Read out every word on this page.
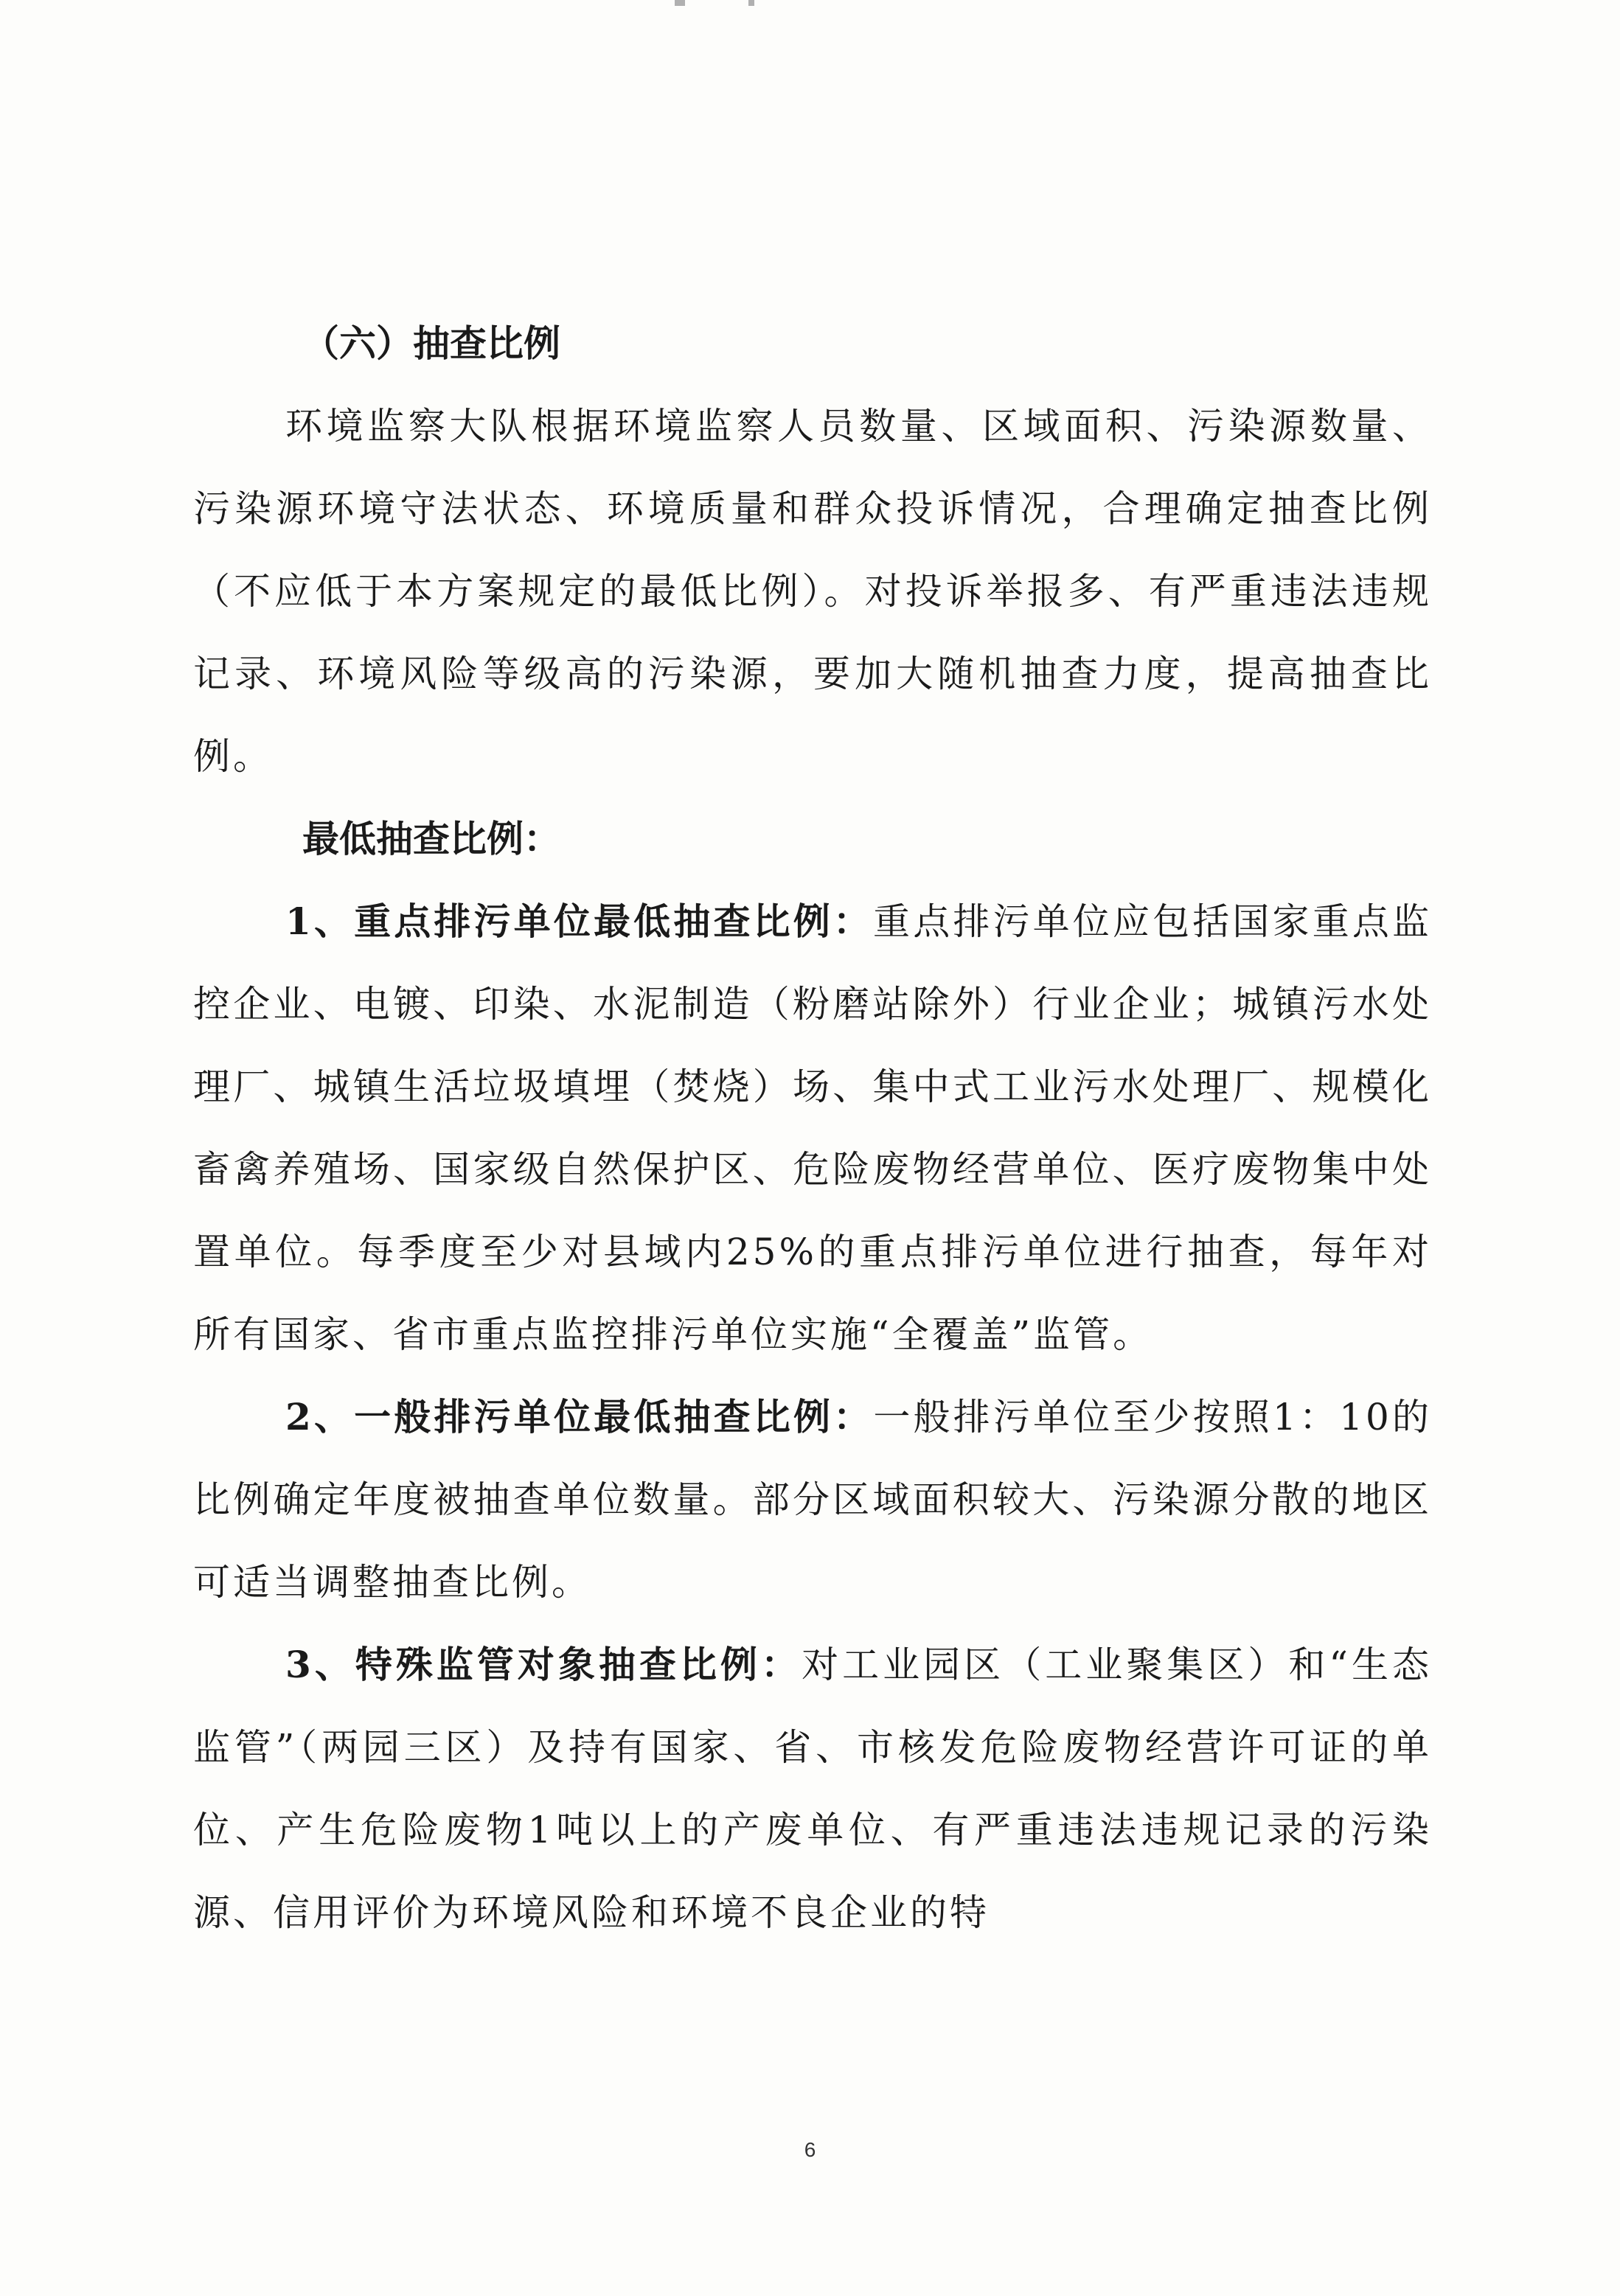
（六）抽查比例

环境监察大队根据环境监察人员数量、区域面积、污染源数量、污染源环境守法状态、环境质量和群众投诉情况，合理确定抽查比例（不应低于本方案规定的最低比例）。对投诉举报多、有严重违法违规记录、环境风险等级高的污染源，要加大随机抽查力度，提高抽查比例。

最低抽查比例：

1、重点排污单位最低抽查比例：重点排污单位应包括国家重点监控企业、电镀、印染、水泥制造（粉磨站除外）行业企业；城镇污水处理厂、城镇生活垃圾填埋（焚烧）场、集中式工业污水处理厂、规模化畜禽养殖场、国家级自然保护区、危险废物经营单位、医疗废物集中处置单位。每季度至少对县域内25%的重点排污单位进行抽查，每年对所有国家、省市重点监控排污单位实施“全覆盖”监管。

2、一般排污单位最低抽查比例：一般排污单位至少按照1：10的比例确定年度被抽查单位数量。部分区域面积较大、污染源分散的地区可适当调整抽查比例。

3、特殊监管对象抽查比例：对工业园区（工业聚集区）和“生态监管”（两园三区）及持有国家、省、市核发危险废物经营许可证的单位、产生危险废物1吨以上的产废单位、有严重违法违规记录的污染源、信用评价为环境风险和环境不良企业的特

6
